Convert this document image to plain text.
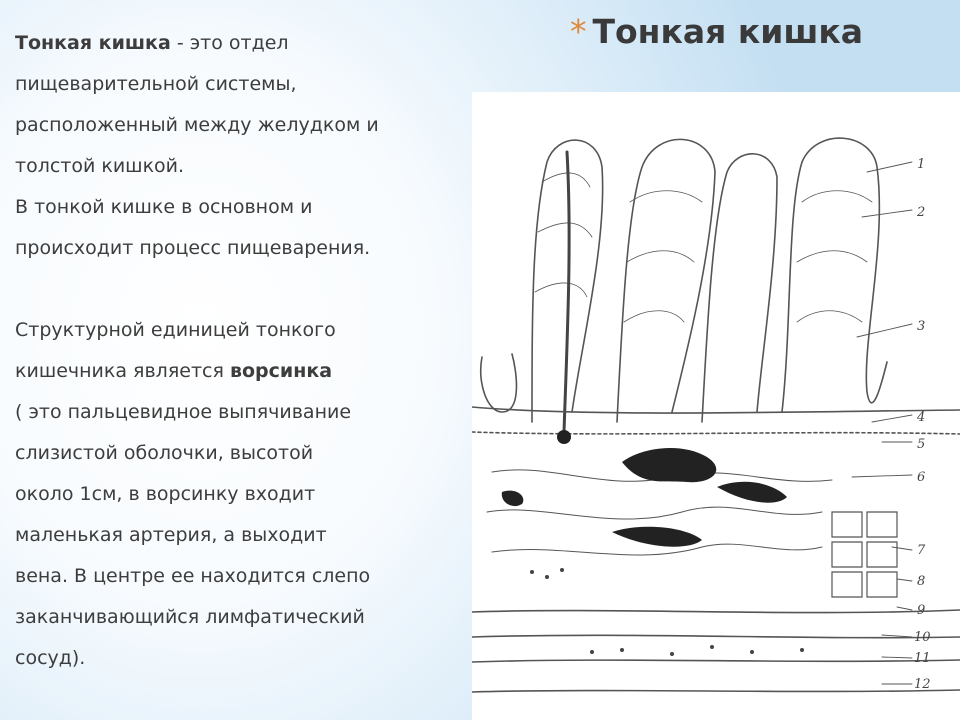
* Тонкая кишка
Тонкая кишка - это отдел
пищеварительной системы,
расположенный между желудком и
толстой кишкой.
В тонкой кишке в основном и
происходит процесс пищеварения.
Структурной единицей тонкого
кишечника является ворсинка
( это пальцевидное выпячивание
слизистой оболочки, высотой
около 1см, в ворсинку входит
маленькая артерия, а выходит
вена. В центре ее находится слепо
заканчивающийся лимфатический
сосуд).
1
2
3
4
5
6
7
8
9
10
11
12
